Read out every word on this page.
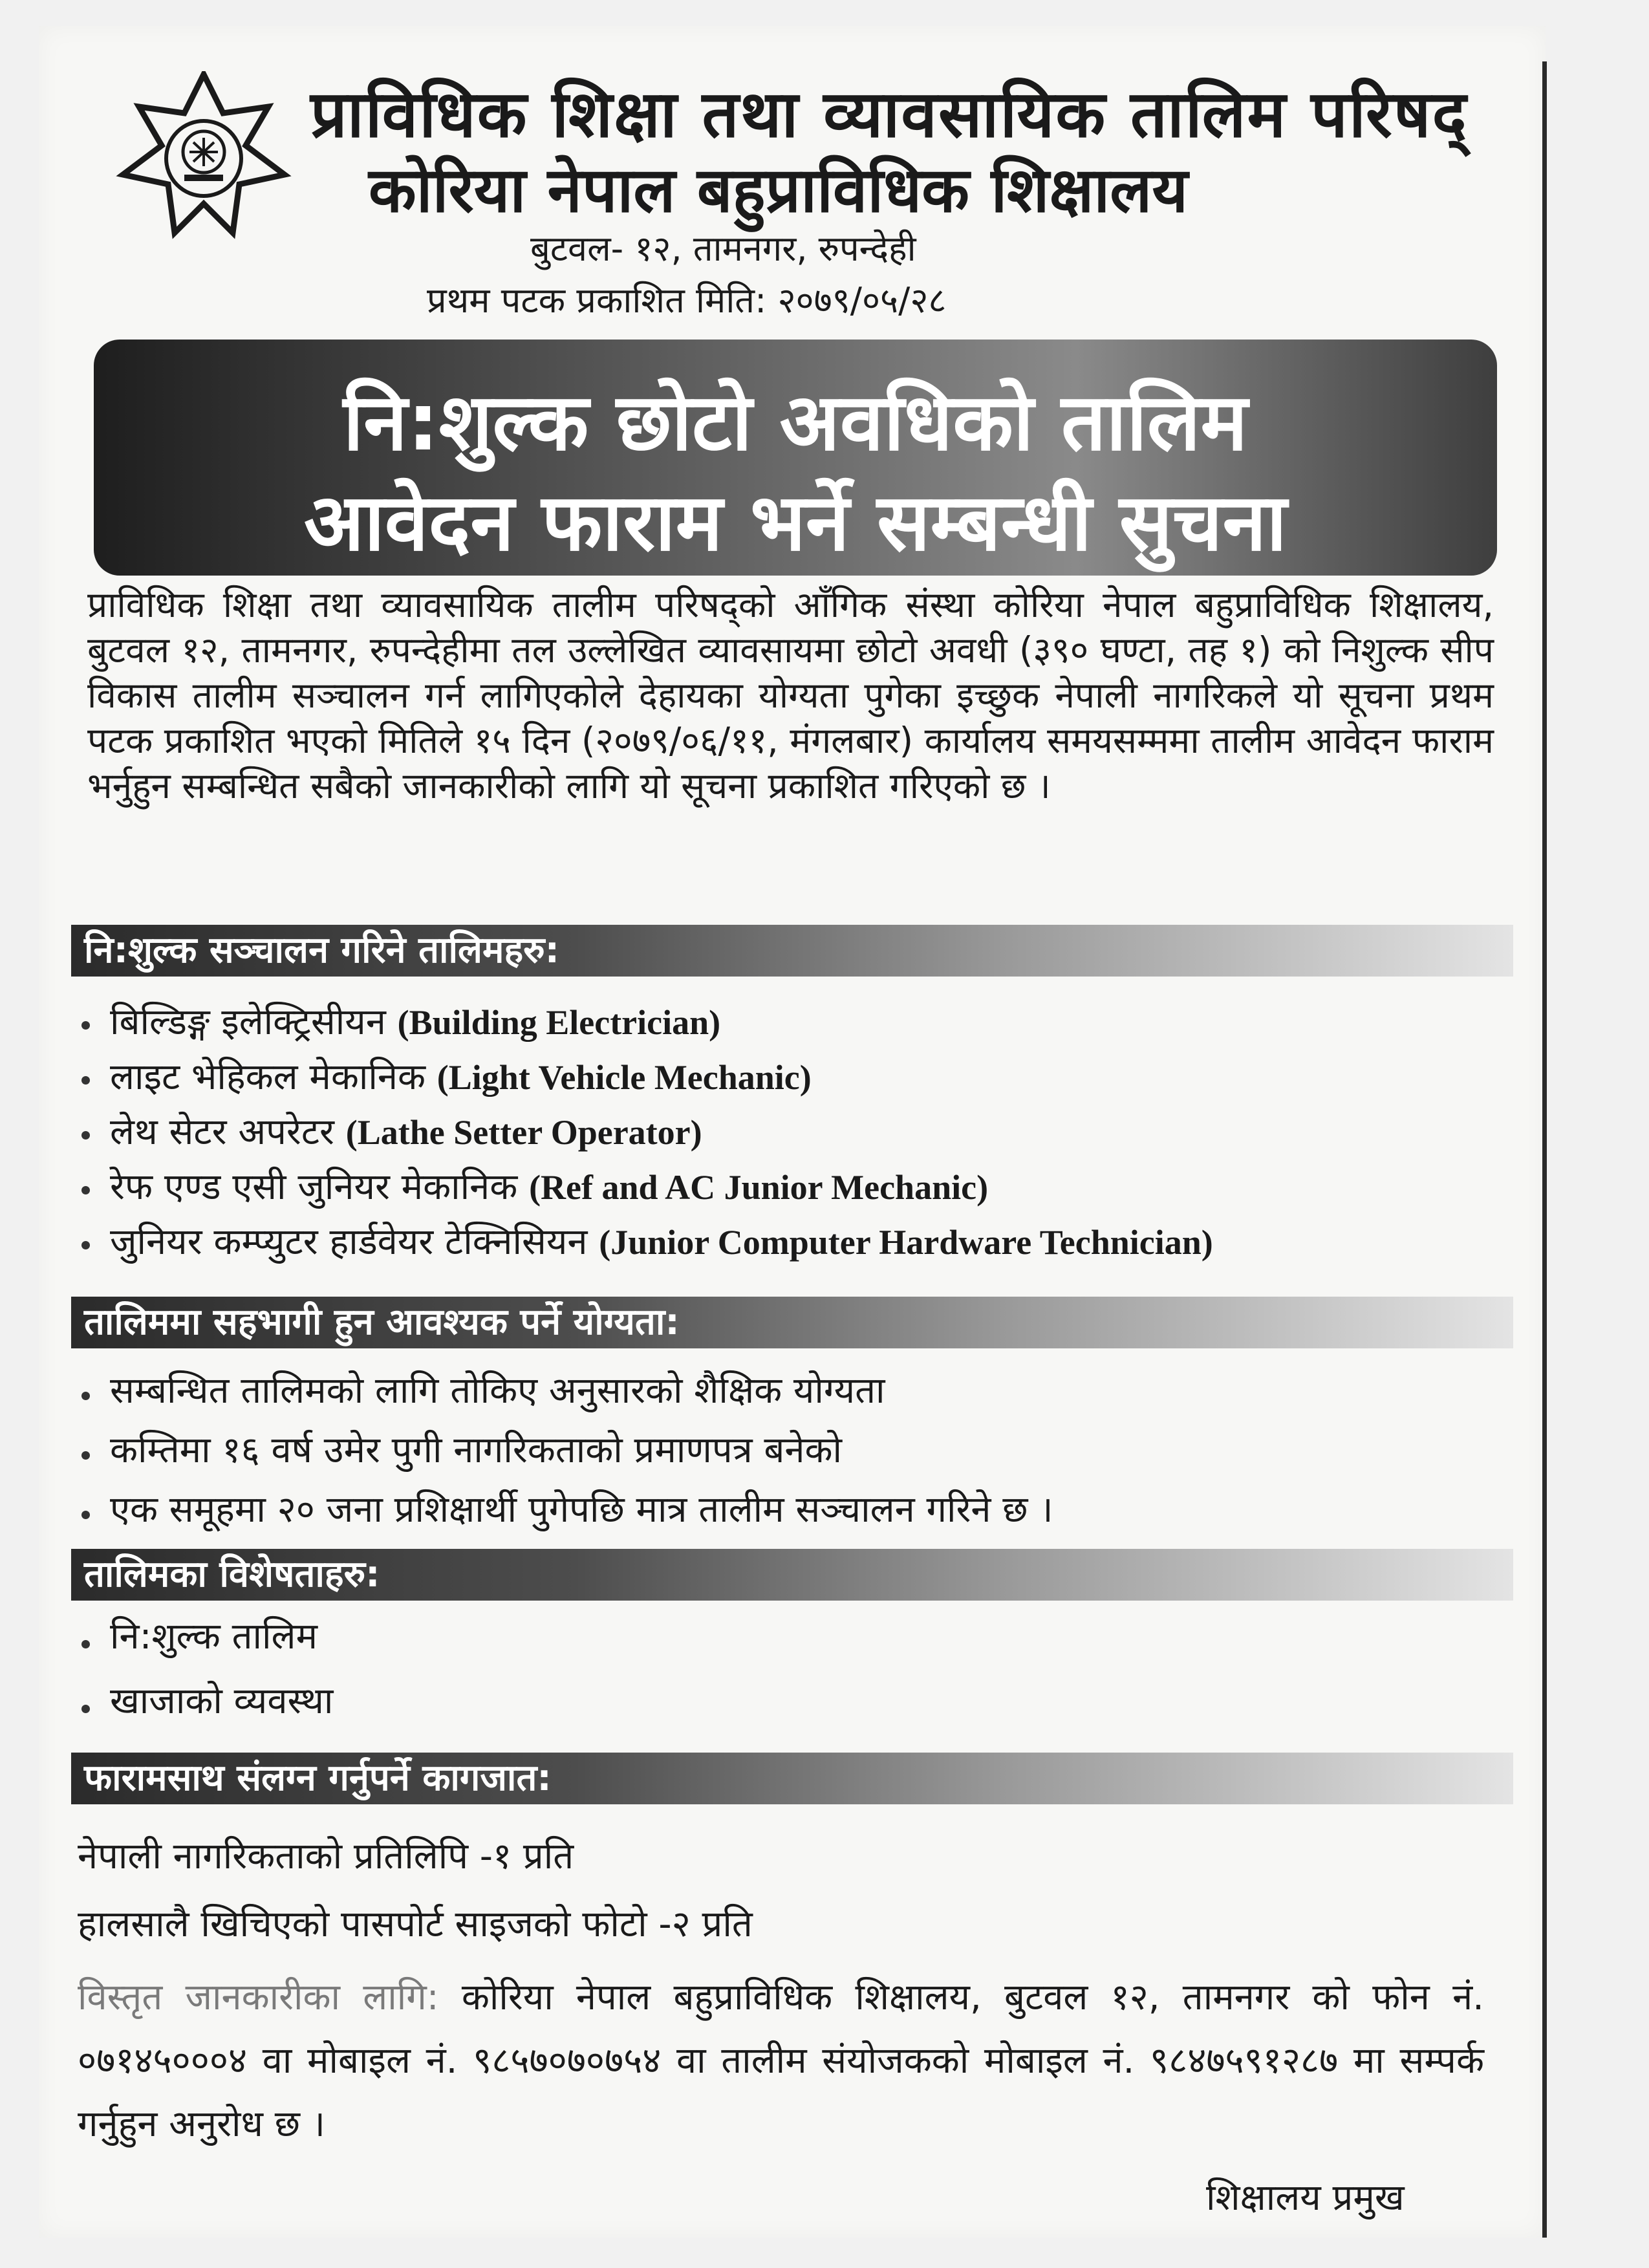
प्राविधिक शिक्षा तथा व्यावसायिक तालिम परिषद्
कोरिया नेपाल बहुप्राविधिक शिक्षालय
बुटवल- १२, तामनगर, रुपन्देही
प्रथम पटक प्रकाशित मिति: २०७९/०५/२८
नि:शुल्क छोटो अवधिको तालिम
आवेदन फाराम भर्ने सम्बन्धी सुचना
प्राविधिक शिक्षा तथा व्यावसायिक तालीम परिषद्को आँगिक संस्था कोरिया नेपाल बहुप्राविधिक शिक्षालय, बुटवल १२, तामनगर, रुपन्देहीमा तल उल्लेखित व्यावसायमा छोटो अवधी (३९० घण्टा, तह १) को निशुल्क सीप विकास तालीम सञ्चालन गर्न लागिएकोले देहायका योग्यता पुगेका इच्छुक नेपाली नागरिकले यो सूचना प्रथम पटक प्रकाशित भएको मितिले १५ दिन (२०७९/०६/११, मंगलबार) कार्यालय समयसम्ममा तालीम आवेदन फाराम भर्नुहुन सम्बन्धित सबैको जानकारीको लागि यो सूचना प्रकाशित गरिएको छ ।
नि:शुल्क सञ्चालन गरिने तालिमहरु:
बिल्डिङ्ग इलेक्ट्रिसीयन (Building Electrician)
लाइट भेहिकल मेकानिक (Light Vehicle Mechanic)
लेथ सेटर अपरेटर (Lathe Setter Operator)
रेफ एण्ड एसी जुनियर मेकानिक (Ref and AC Junior Mechanic)
जुनियर कम्प्युटर हार्डवेयर टेक्निसियन (Junior Computer Hardware Technician)
तालिममा सहभागी हुन आवश्यक पर्ने योग्यता:
सम्बन्धित तालिमको लागि तोकिए अनुसारको शैक्षिक योग्यता
कम्तिमा १६ वर्ष उमेर पुगी नागरिकताको प्रमाणपत्र बनेको
एक समूहमा २० जना प्रशिक्षार्थी पुगेपछि मात्र तालीम सञ्चालन गरिने छ ।
तालिमका विशेषताहरु:
नि:शुल्क तालिम
खाजाको व्यवस्था
फारामसाथ संलग्न गर्नुपर्ने कागजात:
नेपाली नागरिकताको प्रतिलिपि -१ प्रति
हालसालै खिचिएको पासपोर्ट साइजको फोटो -२ प्रति
विस्तृत जानकारीका लागि: कोरिया नेपाल बहुप्राविधिक शिक्षालय, बुटवल १२, तामनगर को फोन नं. ०७१४५०००४ वा मोबाइल नं. ९८५७०७०७५४ वा तालीम संयोजकको मोबाइल नं. ९८४७५९१२८७ मा सम्पर्क गर्नुहुन अनुरोध छ ।
शिक्षालय प्रमुख
